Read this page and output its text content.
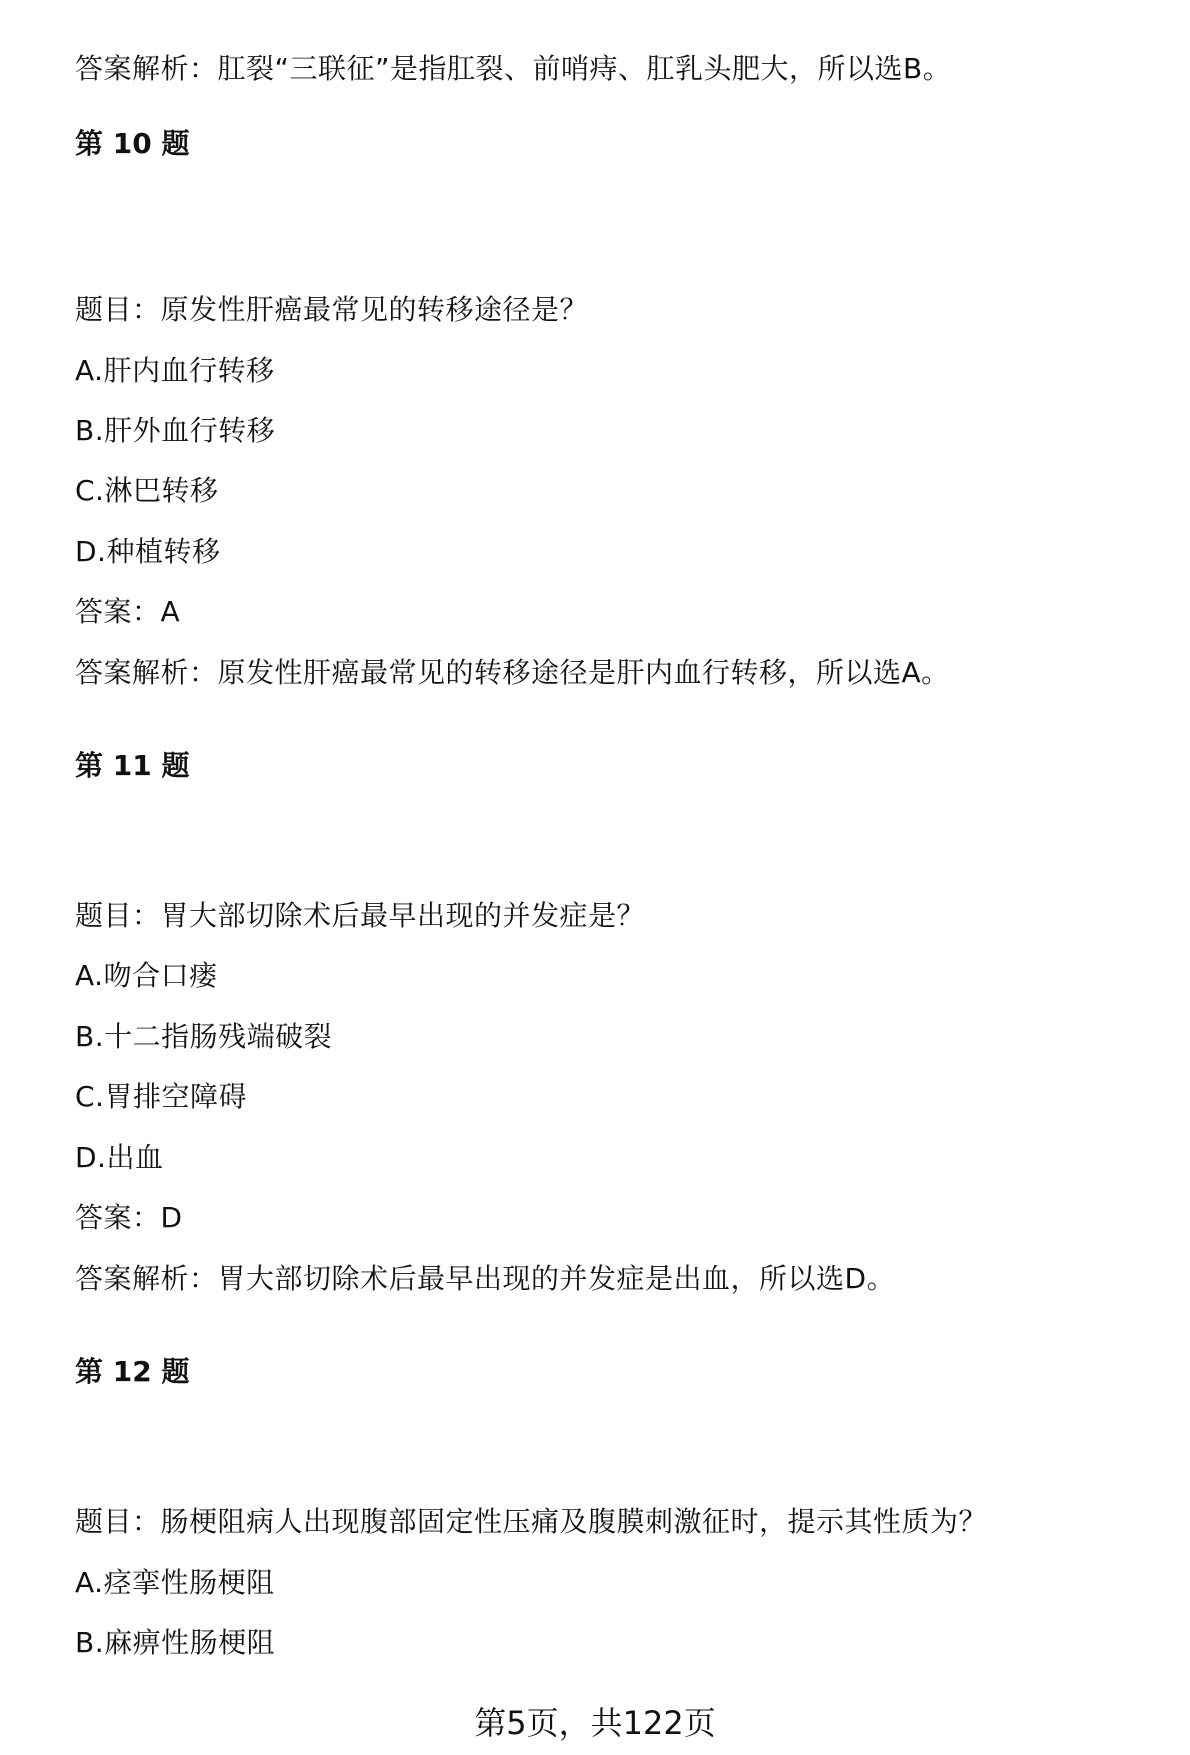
答案解析：肛裂“三联征”是指肛裂、前哨痔、肛乳头肥大，所以选B。
第 10 题
题目：原发性肝癌最常见的转移途径是？
A.肝内血行转移
B.肝外血行转移
C.淋巴转移
D.种植转移
答案：A
答案解析：原发性肝癌最常见的转移途径是肝内血行转移，所以选A。
第 11 题
题目：胃大部切除术后最早出现的并发症是？
A.吻合口瘘
B.十二指肠残端破裂
C.胃排空障碍
D.出血
答案：D
答案解析：胃大部切除术后最早出现的并发症是出血，所以选D。
第 12 题
题目：肠梗阻病人出现腹部固定性压痛及腹膜刺激征时，提示其性质为？
A.痉挛性肠梗阻
B.麻痹性肠梗阻
第5页，共122页
